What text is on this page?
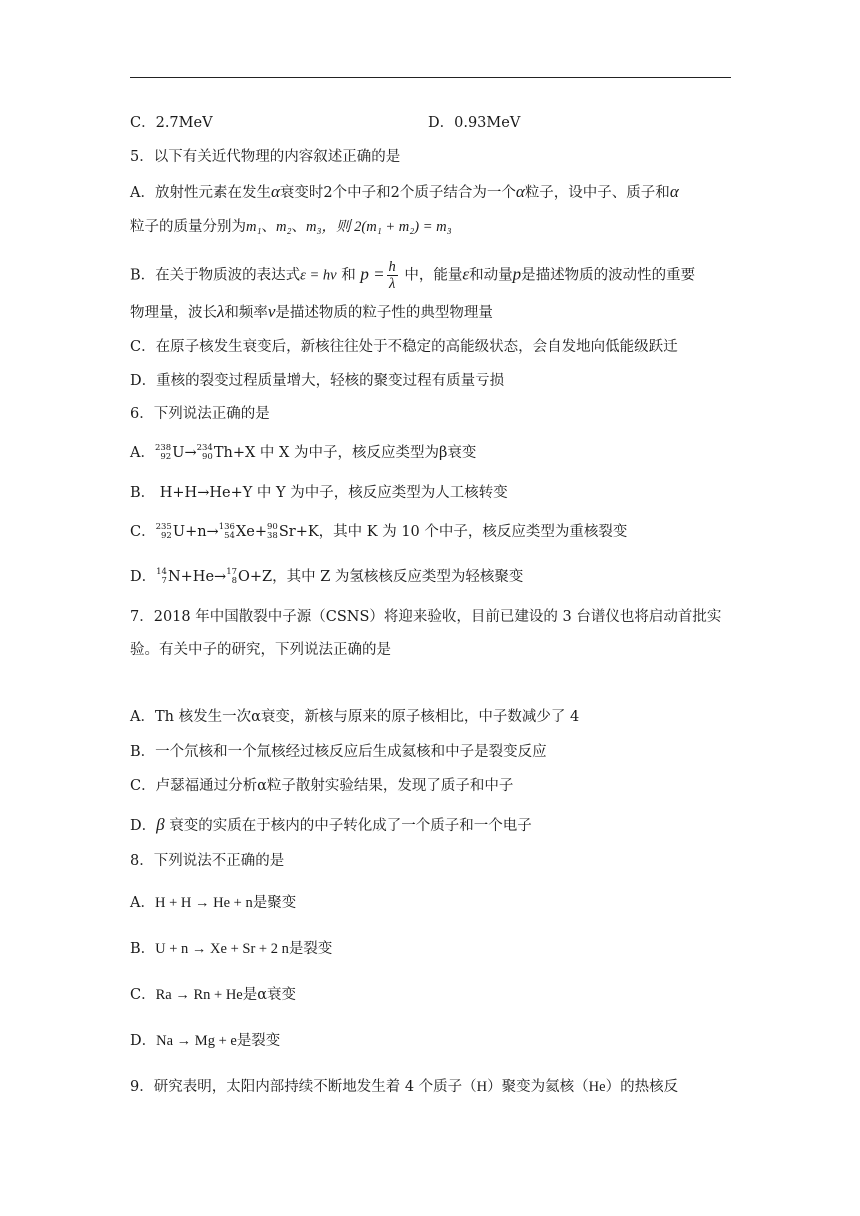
C．2.7MeV	D．0.93MeV
5．以下有关近代物理的内容叙述正确的是
A．放射性元素在发生α衰变时2个中子和2个质子结合为一个α粒子，设中子、质子和α
粒子的质量分别为m₁、m₂、m₃，则 2(m₁ + m₂) = m₃
B．在关于物质波的表达式ε = hν 和 $p = \frac{h}{\lambda}$ 中，能量ε和动量p是描述物质的波动性的重要
物理量，波长λ和频率ν是描述物质的粒子性的典型物理量
C．在原子核发生衰变后，新核往往处于不稳定的高能级状态，会自发地向低能级跃迁
D．重核的裂变过程质量增大，轻核的聚变过程有质量亏损
6．下列说法正确的是
A． 238
92 U→ 234
90 Th+X 中 X 为中子，核反应类型为β衰变
B． H+H→He+Y 中 Y 为中子，核反应类型为人工核转变
C． 235
92 U+n→ 136
54 Xe+ 90
38 Sr+K，其中 K 为 10 个中子，核反应类型为重核裂变
D． 14
7 N+He→ 17
8 O+Z，其中 Z 为氢核核反应类型为轻核聚变
7．2018 年中国散裂中子源（CSNS）将迎来验收，目前已建设的 3 台谱仪也将启动首批实
验。有关中子的研究，下列说法正确的是
A．Th 核发生一次α衰变，新核与原来的原子核相比，中子数减少了 4
B．一个氘核和一个氚核经过核反应后生成氦核和中子是裂变反应
C．卢瑟福通过分析α粒子散射实验结果，发现了质子和中子
D．β 衰变的实质在于核内的中子转化成了一个质子和一个电子
8．下列说法不正确的是
A．H + H → He + n是聚变
B．U + n → Xe + Sr + 2 n是裂变
C．Ra → Rn + He是α衰变
D．Na → Mg + e是裂变
9．研究表明，太阳内部持续不断地发生着 4 个质子（H）聚变为氦核（He）的热核反
